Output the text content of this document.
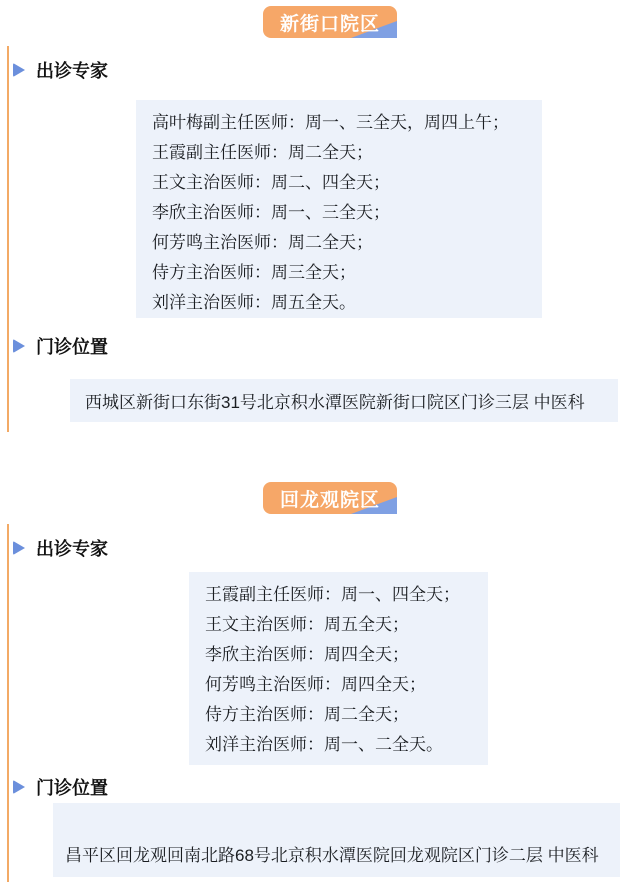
新街口院区
出诊专家
高叶梅副主任医师：周一、三全天，周四上午；
王霞副主任医师：周二全天；
王文主治医师：周二、四全天；
李欣主治医师：周一、三全天；
何芳鸣主治医师：周二全天；
侍方主治医师：周三全天；
刘洋主治医师：周五全天。
门诊位置
西城区新街口东街31号北京积水潭医院新街口院区门诊三层 中医科
回龙观院区
出诊专家
王霞副主任医师：周一、四全天；
王文主治医师：周五全天；
李欣主治医师：周四全天；
何芳鸣主治医师：周四全天；
侍方主治医师：周二全天；
刘洋主治医师：周一、二全天。
门诊位置
昌平区回龙观回南北路68号北京积水潭医院回龙观院区门诊二层 中医科
